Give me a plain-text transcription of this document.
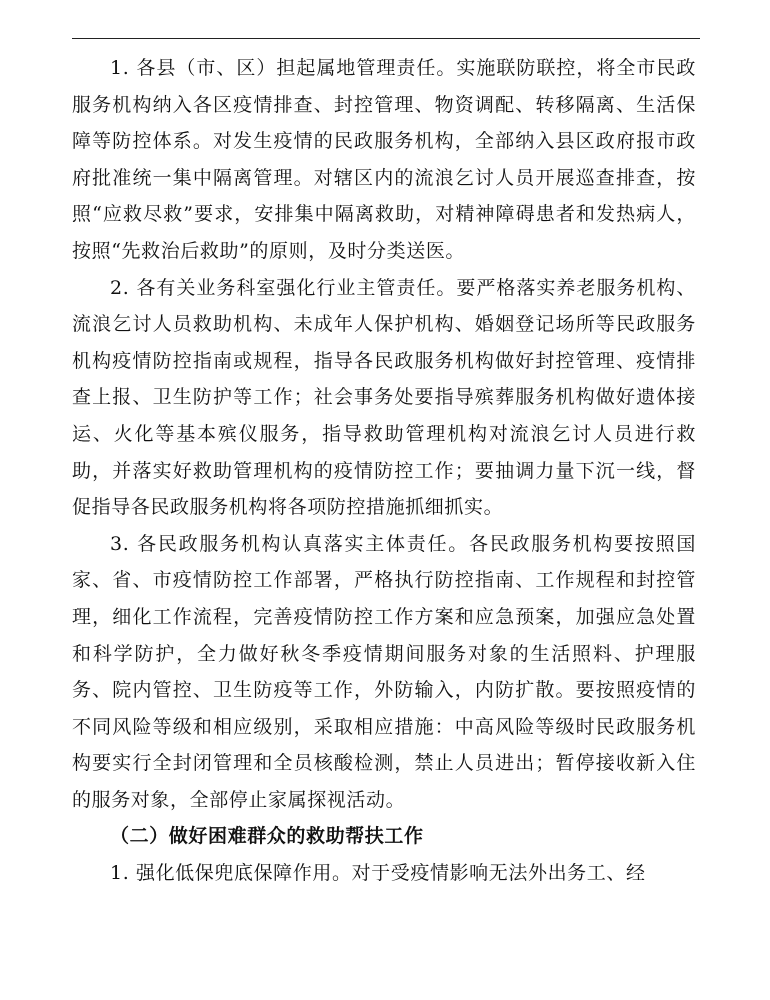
1. 各县（市、区）担起属地管理责任。实施联防联控，将全市民政服务机构纳入各区疫情排查、封控管理、物资调配、转移隔离、生活保障等防控体系。对发生疫情的民政服务机构，全部纳入县区政府报市政府批准统一集中隔离管理。对辖区内的流浪乞讨人员开展巡查排查，按照“应救尽救”要求，安排集中隔离救助，对精神障碍患者和发热病人，按照“先救治后救助”的原则，及时分类送医。

2. 各有关业务科室强化行业主管责任。要严格落实养老服务机构、流浪乞讨人员救助机构、未成年人保护机构、婚姻登记场所等民政服务机构疫情防控指南或规程，指导各民政服务机构做好封控管理、疫情排查上报、卫生防护等工作；社会事务处要指导殡葬服务机构做好遗体接运、火化等基本殡仪服务，指导救助管理机构对流浪乞讨人员进行救助，并落实好救助管理机构的疫情防控工作；要抽调力量下沉一线，督促指导各民政服务机构将各项防控措施抓细抓实。

3. 各民政服务机构认真落实主体责任。各民政服务机构要按照国家、省、市疫情防控工作部署，严格执行防控指南、工作规程和封控管理，细化工作流程，完善疫情防控工作方案和应急预案，加强应急处置和科学防护，全力做好秋冬季疫情期间服务对象的生活照料、护理服务、院内管控、卫生防疫等工作，外防输入，内防扩散。要按照疫情的不同风险等级和相应级别，采取相应措施：中高风险等级时民政服务机构要实行全封闭管理和全员核酸检测，禁止人员进出；暂停接收新入住的服务对象，全部停止家属探视活动。

（二）做好困难群众的救助帮扶工作

1. 强化低保兜底保障作用。对于受疫情影响无法外出务工、经
